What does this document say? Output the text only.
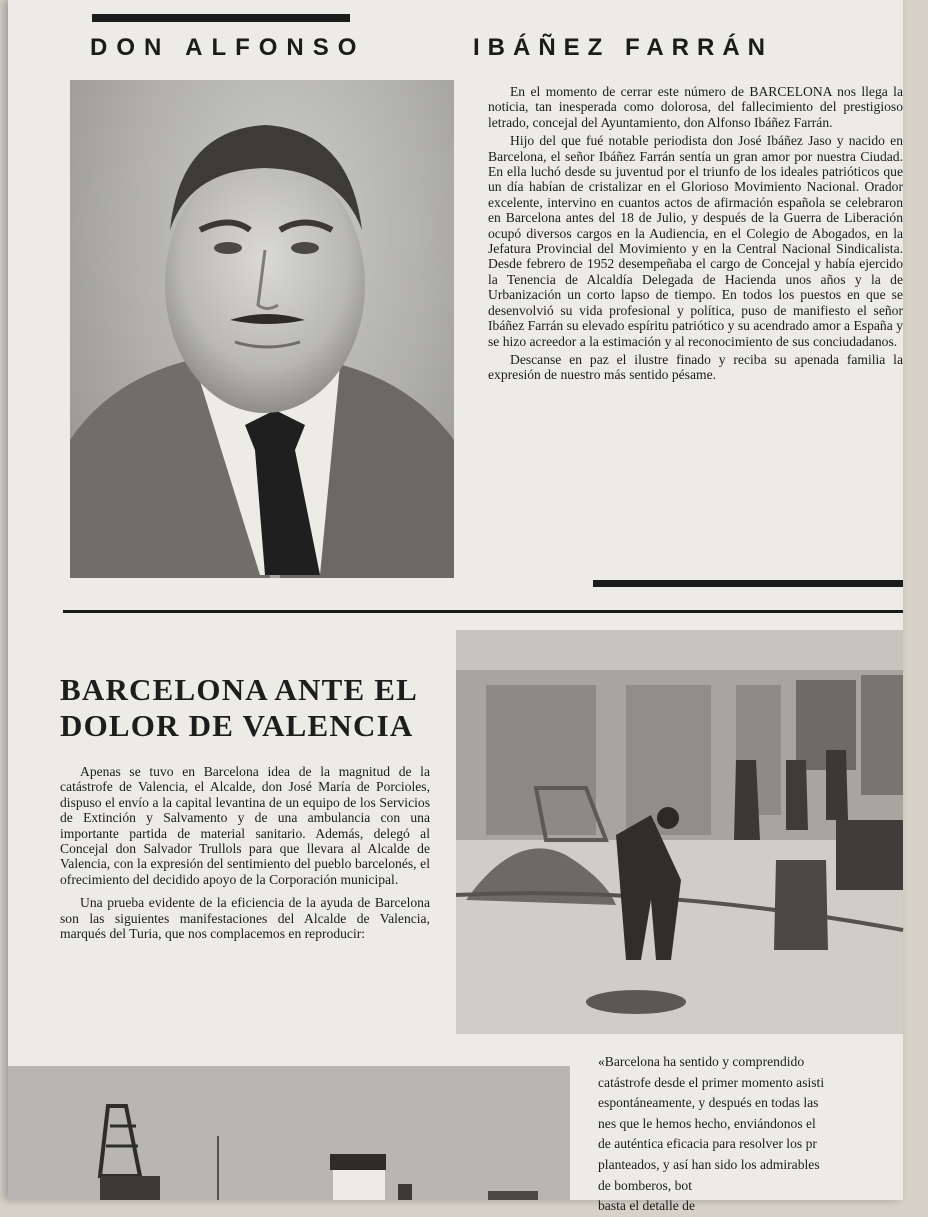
DON ALFONSO	IBÁÑEZ FARRÁN

En el momento de cerrar este número de BARCELONA nos llega la noticia, tan inesperada como dolorosa, del fallecimiento del prestigioso letrado, concejal del Ayuntamiento, don Alfonso Ibáñez Farrán.

Hijo del que fué notable periodista don José Ibáñez Jaso y nacido en Barcelona, el señor Ibáñez Farrán sentía un gran amor por nuestra Ciudad. En ella luchó desde su juventud por el triunfo de los ideales patrióticos que un día habían de cristalizar en el Glorioso Movimiento Nacional. Orador excelente, intervino en cuantos actos de afirmación española se celebraron en Barcelona antes del 18 de Julio, y después de la Guerra de Liberación ocupó diversos cargos en la Audiencia, en el Colegio de Abogados, en la Jefatura Provincial del Movimiento y en la Central Nacional Sindicalista. Desde febrero de 1952 desempeñaba el cargo de Concejal y había ejercido la Tenencia de Alcaldía Delegada de Hacienda unos años y la de Urbanización un corto lapso de tiempo. En todos los puestos en que se desenvolvió su vida profesional y política, puso de manifiesto el señor Ibáñez Farrán su elevado espíritu patriótico y su acendrado amor a España y se hizo acreedor a la estimación y al reconocimiento de sus conciudadanos.

Descanse en paz el ilustre finado y reciba su apenada familia la expresión de nuestro más sentido pésame.

BARCELONA ANTE EL
DOLOR DE VALENCIA

Apenas se tuvo en Barcelona idea de la magnitud de la catástrofe de Valencia, el Alcalde, don José María de Porcioles, dispuso el envío a la capital levantina de un equipo de los Servicios de Extinción y Salvamento y de una ambulancia con una importante partida de material sanitario. Además, delegó al Concejal don Salvador Trullols para que llevara al Alcalde de Valencia, con la expresión del sentimiento del pueblo barcelonés, el ofrecimiento del decidido apoyo de la Corporación municipal.

Una prueba evidente de la eficiencia de la ayuda de Barcelona son las siguientes manifestaciones del Alcalde de Valencia, marqués del Turia, que nos complacemos en reproducir:

«Barcelona ha sentido y comprendido
catástrofe desde el primer momento asisti
espontáneamente, y después en todas las
nes que le hemos hecho, enviándonos el
de auténtica eficacia para resolver los pr
planteados, y así han sido los admirables
de bomberos, bot
basta el detalle de
